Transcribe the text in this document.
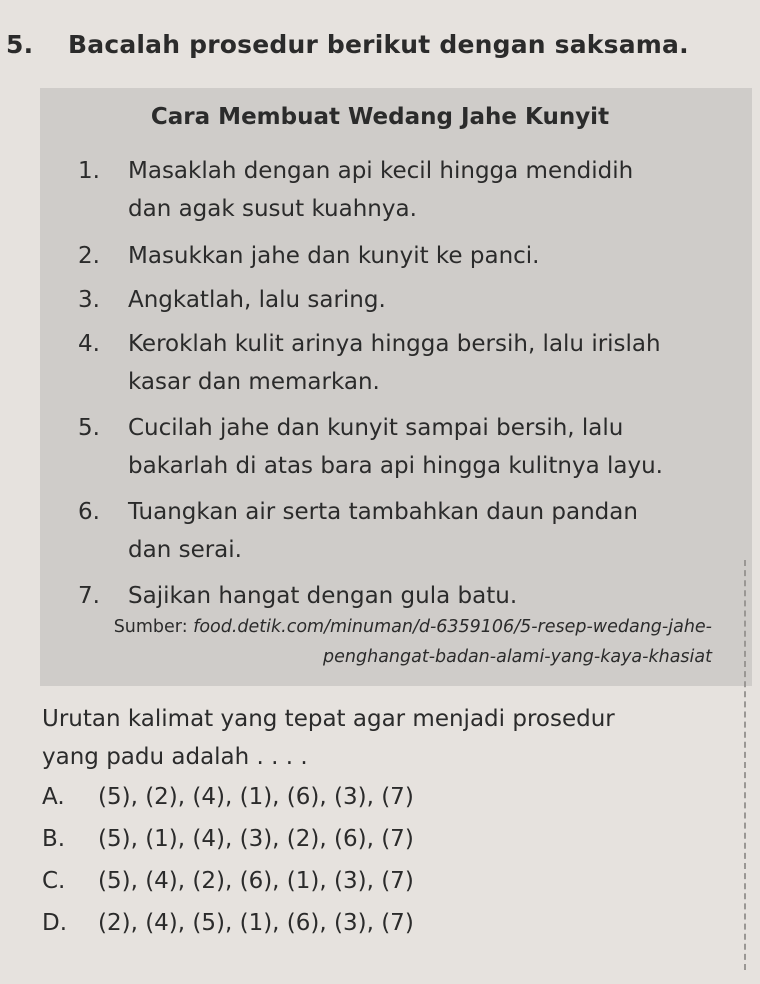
5. Bacalah prosedur berikut dengan saksama.
Cara Membuat Wedang Jahe Kunyit
1.	Masaklah dengan api kecil hingga mendidih
dan agak susut kuahnya.
2.	Masukkan jahe dan kunyit ke panci.
3.	Angkatlah, lalu saring.
4.	Keroklah kulit arinya hingga bersih, lalu irislah
kasar dan memarkan.
5.	Cucilah jahe dan kunyit sampai bersih, lalu
bakarlah di atas bara api hingga kulitnya layu.
6.	Tuangkan air serta tambahkan daun pandan
dan serai.
7.	Sajikan hangat dengan gula batu.
Sumber: food.detik.com/minuman/d-6359106/5-resep-wedang-jahe-
penghangat-badan-alami-yang-kaya-khasiat
Urutan kalimat yang tepat agar menjadi prosedur
yang padu adalah . . . .
A.	(5), (2), (4), (1), (6), (3), (7)
B.	(5), (1), (4), (3), (2), (6), (7)
C.	(5), (4), (2), (6), (1), (3), (7)
D.	(2), (4), (5), (1), (6), (3), (7)
